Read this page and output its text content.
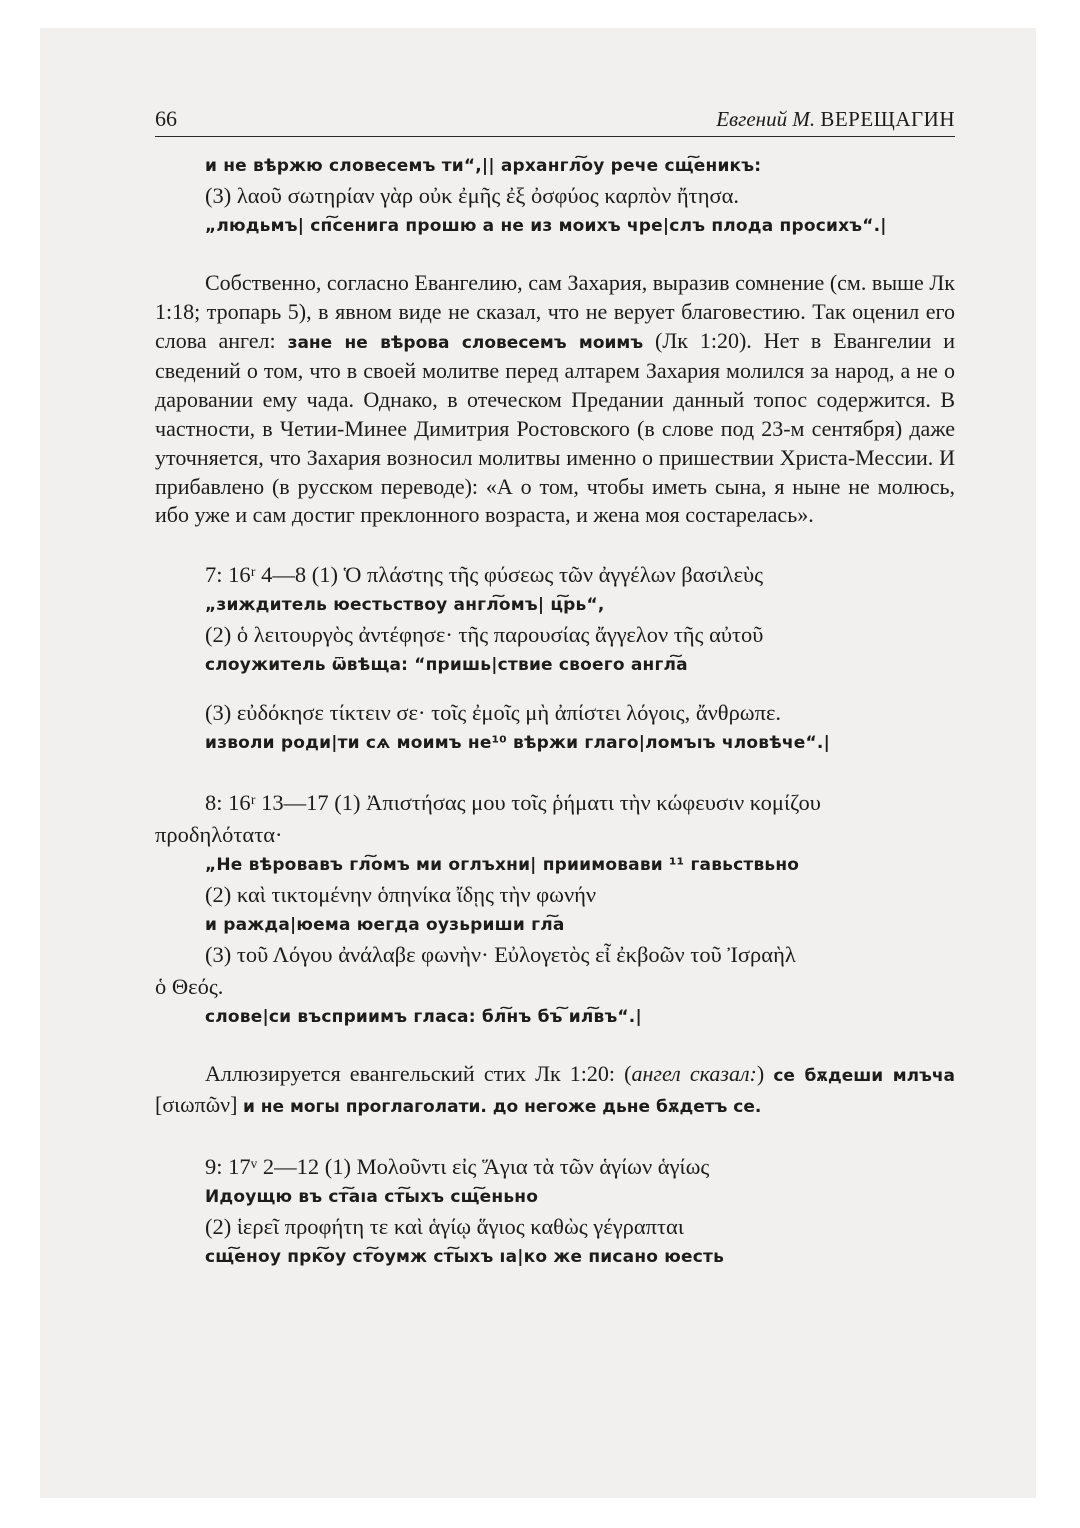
66	Евгений М. ВЕРЕЩАГИН
и не вѣржю словесемъ ти“,|| архангл͠оу рече сщ͠еникъ:
(3) λαοῦ σωτηρίαν γὰρ οὐκ ἐμῆς ἐξ ὀσφύος καρπὸν ἤτησα.
„людьмъ| сп͠сенига прошю а не из моихъ чре|слъ плода просихъ“.|

Собственно, согласно Евангелию, сам Захария, выразив сомнение (см. выше Лк 1:18; тропарь 5), в явном виде не сказал, что не верует благовестию. Так оценил его слова ангел: зане не вѣрова словесемъ моимъ (Лк 1:20). Нет в Евангелии и сведений о том, что в своей молитве перед алтарем Захария молился за народ, а не о даровании ему чада. Однако, в отеческом Предании данный топос содержится. В частности, в Четии-Минее Димитрия Ростовского (в слове под 23-м сентября) даже уточняется, что Захария возносил молитвы именно о пришествии Христа-Мессии. И прибавлено (в русском переводе): «А о том, чтобы иметь сына, я ныне не молюсь, ибо уже и сам достиг преклонного возраста, и жена моя состарелась».

7: 16ʳ 4—8 (1) Ὁ πλάστης τῆς φύσεως τῶν ἀγγέλων βασιλεὺς
„зиждитель юестьствоу англ͠омъ| ц͠рь“,
(2) ὁ λειτουργὸς ἀντέφησε· τῆς παρουσίας ἄγγελον τῆς αὐτοῦ
слоужитель ѿвѣща: “пришь|ствие своего англ͠а
(3) εὐδόκησε τίκτειν σε· τοῖς ἐμοῖς μὴ ἀπίστει λόγοις, ἄνθρωπε.
изволи роди|ти сѧ моимъ не¹⁰ вѣржи глаго|ломъıъ чловѣче“.|
8: 16ʳ 13—17 (1) Ἀπιστήσας μου τοῖς ῥήματι τὴν κώφευσιν κομίζου
προδηλότατα·
„Не вѣровавъ гл͠омъ ми оглъхни| приимовави ¹¹ гавьствьно
(2) καὶ τικτομένην ὁπηνίκα ἴδῃς τὴν φωνήν
и раждa|юема юегда оузьриши гл͠а
(3) τοῦ Λόγου ἀνάλαβε φωνὴν· Εὐλογετὸς εἶ ἐκβοῶν τοῦ Ἰσραὴλ
ὁ Θεός.
слове|си въсприимъ гласа: бл͠нъ бъ͠ ил͠въ“.|

Аллюзируется евангельский стих Лк 1:20: (ангел сказал:) се бѫдеши млъча [σιωπῶν] и не могы проглаголати. до негоже дьне бѫдетъ се.

9: 17ᵛ 2—12 (1) Μολοῦντι εἰς Ἅγια τὰ τῶν ἁγίων ἁγίως
Идоущю въ ст͠аıа ст͠ыхъ сщ͠еньно
(2) ἱερεῖ προφήτη τε καὶ ἁγίῳ ἅγιος καθὼς γέγραπται
сщ͠еноу прк͠оу ст͠оумж ст͠ыхъ ıа|ко же писано юесть
